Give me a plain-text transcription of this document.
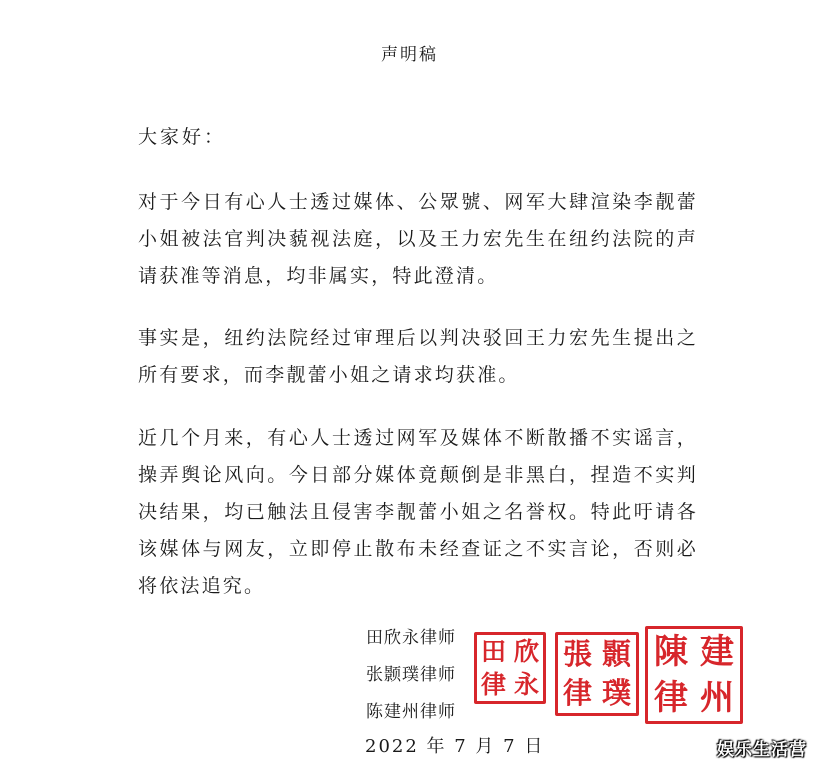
声明稿
大家好：
对于今日有心人士透过媒体、公眾號、网军大肆渲染李靓蕾小姐被法官判决藐视法庭，以及王力宏先生在纽约法院的声请获准等消息，均非属实，特此澄清。
事实是，纽约法院经过审理后以判决驳回王力宏先生提出之所有要求，而李靓蕾小姐之请求均获准。
近几个月来，有心人士透过网军及媒体不断散播不实谣言，操弄舆论风向。今日部分媒体竟颠倒是非黑白，捏造不实判决结果，均已触法且侵害李靓蕾小姐之名誉权。特此吁请各该媒体与网友，立即停止散布未经查证之不实言论，否则必将依法追究。
田欣永律师
张颢璞律师
陈建州律师
2022 年 7 月 7 日
田 欣
律 永
張 顥
律 璞
陳 建
律 州
娱乐生活营
